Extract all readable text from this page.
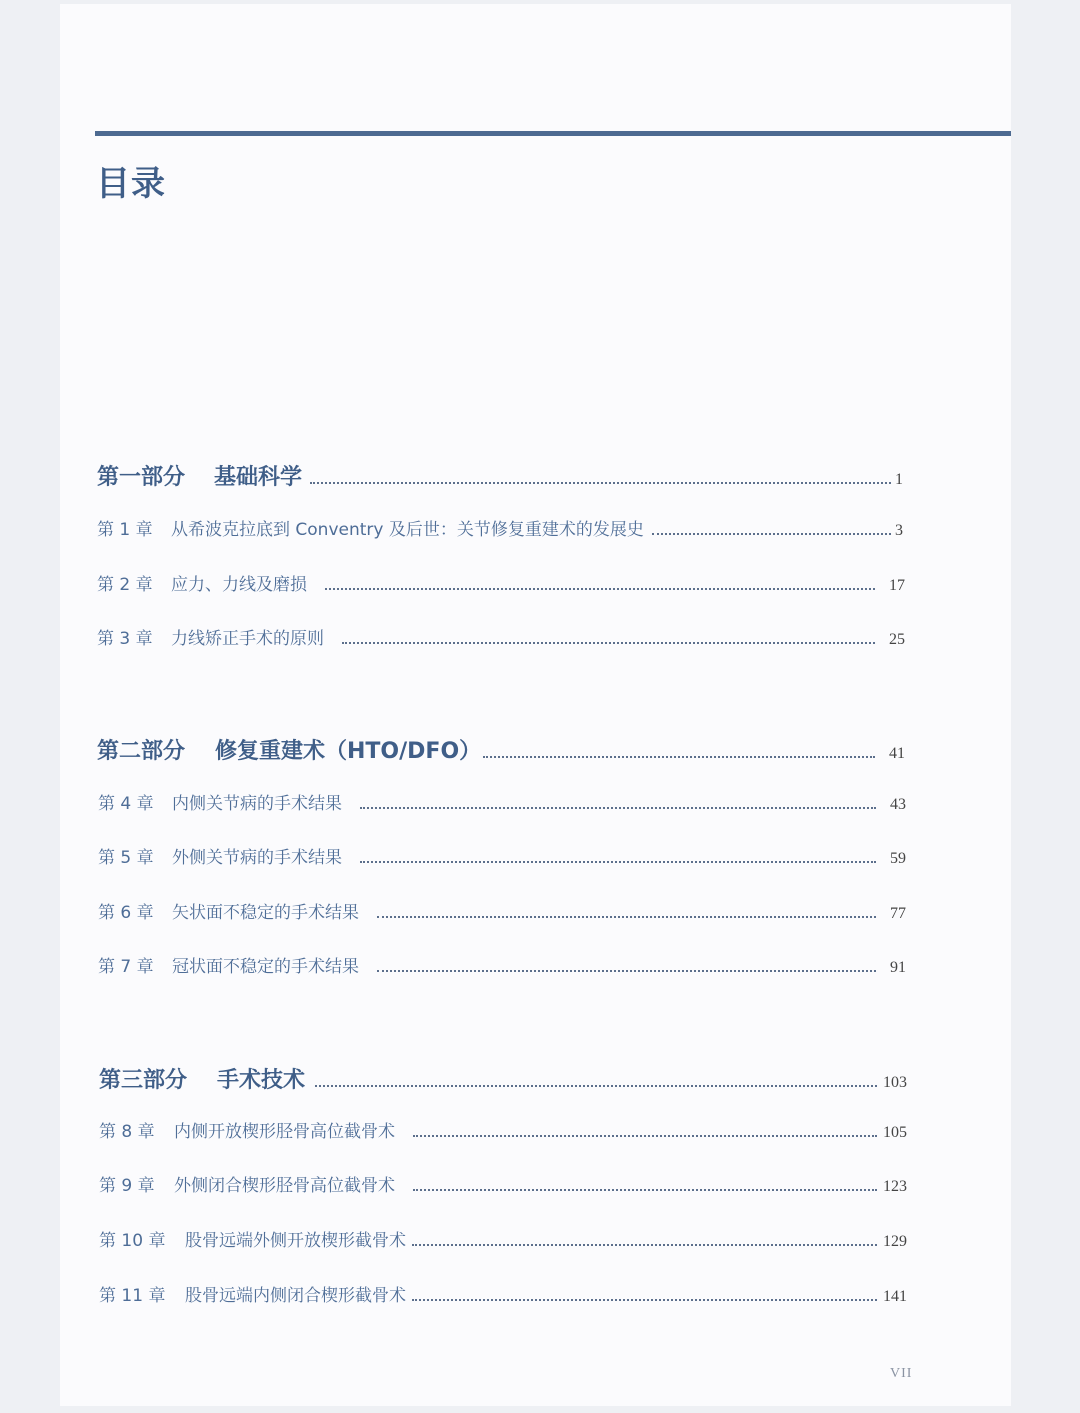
目录
第一部分	基础科学	1
第 1 章	从希波克拉底到 Conventry 及后世：关节修复重建术的发展史	3
第 2 章	应力、力线及磨损	17
第 3 章	力线矫正手术的原则	25
第二部分	修复重建术（HTO/DFO）	41
第 4 章	内侧关节病的手术结果	43
第 5 章	外侧关节病的手术结果	59
第 6 章	矢状面不稳定的手术结果	77
第 7 章	冠状面不稳定的手术结果	91
第三部分	手术技术	103
第 8 章	内侧开放楔形胫骨高位截骨术	105
第 9 章	外侧闭合楔形胫骨高位截骨术	123
第 10 章	股骨远端外侧开放楔形截骨术	129
第 11 章	股骨远端内侧闭合楔形截骨术	141
VII
